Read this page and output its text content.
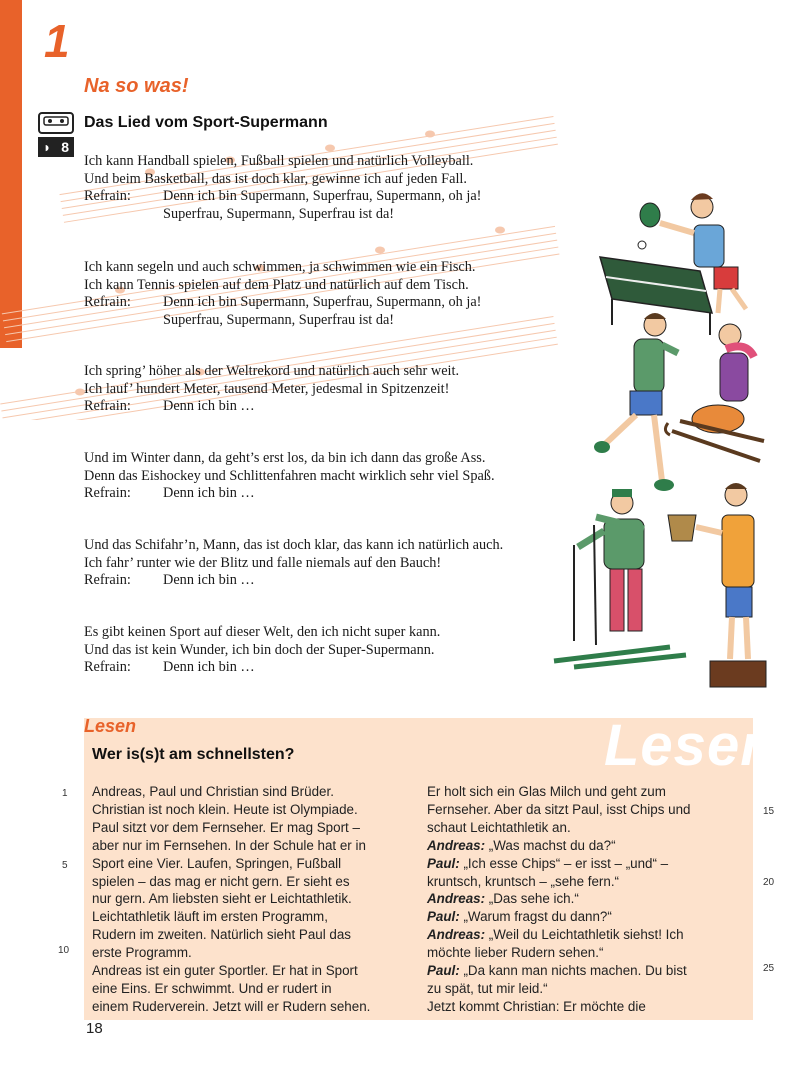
1
Na so was!
◗ 8
Das Lied vom Sport-Supermann
Ich kann Handball spielen, Fußball spielen und natürlich Volleyball.
Und beim Basketball, das ist doch klar, gewinne ich auf jeden Fall.
Refrain:	Denn ich bin Supermann, Superfrau, Supermann, oh ja!
Superfrau, Supermann, Superfrau ist da!
Ich kann segeln und auch schwimmen, ja schwimmen wie ein Fisch.
Ich kann Tennis spielen auf dem Platz und natürlich auf dem Tisch.
Refrain:	Denn ich bin Supermann, Superfrau, Supermann, oh ja!
Superfrau, Supermann, Superfrau ist da!
Ich spring’ höher als der Weltrekord und natürlich auch sehr weit.
Ich lauf’ hundert Meter, tausend Meter, jedesmal in Spitzenzeit!
Refrain:	Denn ich bin …
Und im Winter dann, da geht’s erst los, da bin ich dann das große Ass.
Denn das Eishockey und Schlittenfahren macht wirklich sehr viel Spaß.
Refrain:	Denn ich bin …
Und das Schifahr’n, Mann, das ist doch klar, das kann ich natürlich auch.
Ich fahr’ runter wie der Blitz und falle niemals auf den Bauch!
Refrain:	Denn ich bin …
Es gibt keinen Sport auf dieser Welt, den ich nicht super kann.
Und das ist kein Wunder, ich bin doch der Super-Supermann.
Refrain:	Denn ich bin …
Lesen
Lesen
Wer is(s)t am schnellsten?
Andreas, Paul und Christian sind Brüder.
Christian ist noch klein. Heute ist Olympiade.
Paul sitzt vor dem Fernseher. Er mag Sport –
aber nur im Fernsehen. In der Schule hat er in
Sport eine Vier. Laufen, Springen, Fußball
spielen – das mag er nicht gern. Er sieht es
nur gern. Am liebsten sieht er Leichtathletik.
Leichtathletik läuft im ersten Programm,
Rudern im zweiten. Natürlich sieht Paul das
erste Programm.
Andreas ist ein guter Sportler. Er hat in Sport
eine Eins. Er schwimmt. Und er rudert in
einem Ruderverein. Jetzt will er Rudern sehen.
Er holt sich ein Glas Milch und geht zum
Fernseher. Aber da sitzt Paul, isst Chips und
schaut Leichtathletik an.
Andreas: „Was machst du da?“
Paul: „Ich esse Chips“ – er isst – „und“ –
kruntsch, kruntsch – „sehe fern.“
Andreas: „Das sehe ich.“
Paul: „Warum fragst du dann?“
Andreas: „Weil du Leichtathletik siehst! Ich
möchte lieber Rudern sehen.“
Paul: „Da kann man nichts machen. Du bist
zu spät, tut mir leid.“
Jetzt kommt Christian: Er möchte die
1
5
10
15
20
25
18
